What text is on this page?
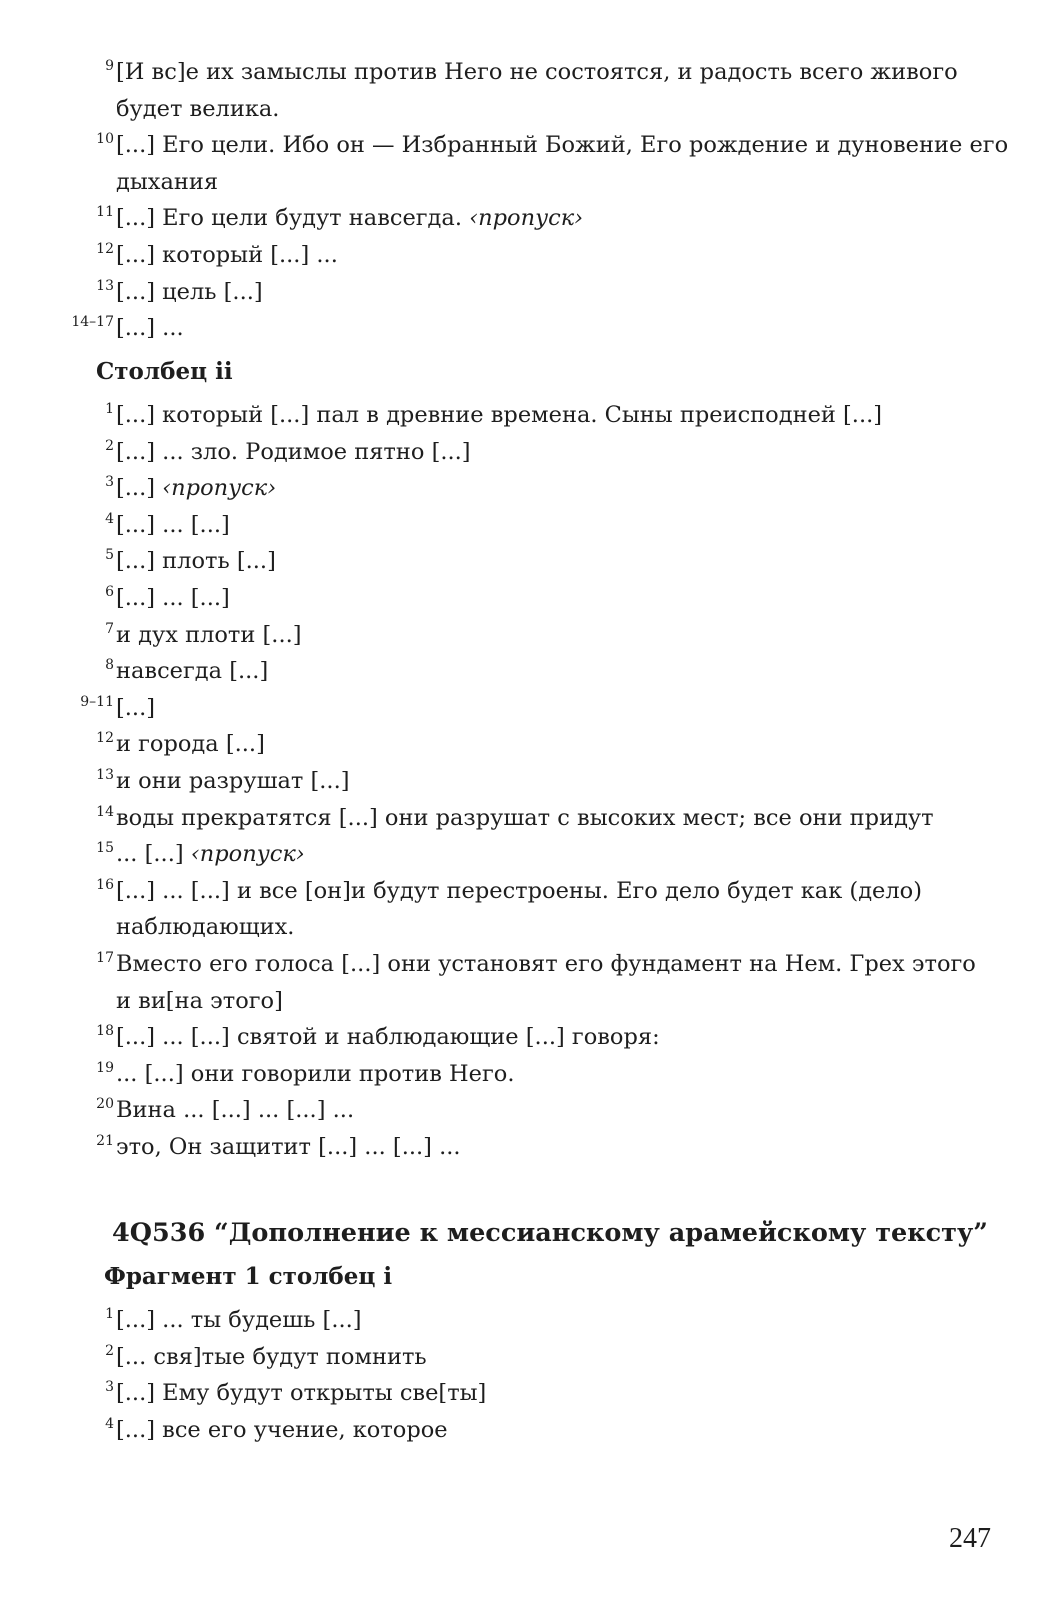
9 [И вс]е их замыслы против Него не состоятся, и радость всего живого
будет велика.
10 [...] Его цели. Ибо он — Избранный Божий, Его рождение и дуновение его
дыхания
11 [...] Его цели будут навсегда. ‹пропуск›
12 [...] который [...] ...
13 [...] цель [...]
14–17 [...] ...
Столбец ii
1 [...] который [...] пал в древние времена. Сыны преисподней [...]
2 [...] ... зло. Родимое пятно [...]
3 [...] ‹пропуск›
4 [...] ... [...]
5 [...] плоть [...]
6 [...] ... [...]
7 и дух плоти [...]
8 навсегда [...]
9–11 [...]
12 и города [...]
13 и они разрушат [...]
14 воды прекратятся [...] они разрушат с высоких мест; все они придут
15 ... [...] ‹пропуск›
16 [...] ... [...] и все [он]и будут перестроены. Его дело будет как (дело)
наблюдающих.
17 Вместо его голоса [...] они установят его фундамент на Нем. Грех этого
и ви[на этого]
18 [...] ... [...] святой и наблюдающие [...] говоря:
19 ... [...] они говорили против Него.
20 Вина ... [...] ... [...] ...
21 это, Он защитит [...] ... [...] ...
4Q536 “Дополнение к мессианскому арамейскому тексту”
Фрагмент 1 столбец i
1 [...] ... ты будешь [...]
2 [... свя]тые будут помнить
3 [...] Ему будут открыты све[ты]
4 [...] все его учение, которое
247
